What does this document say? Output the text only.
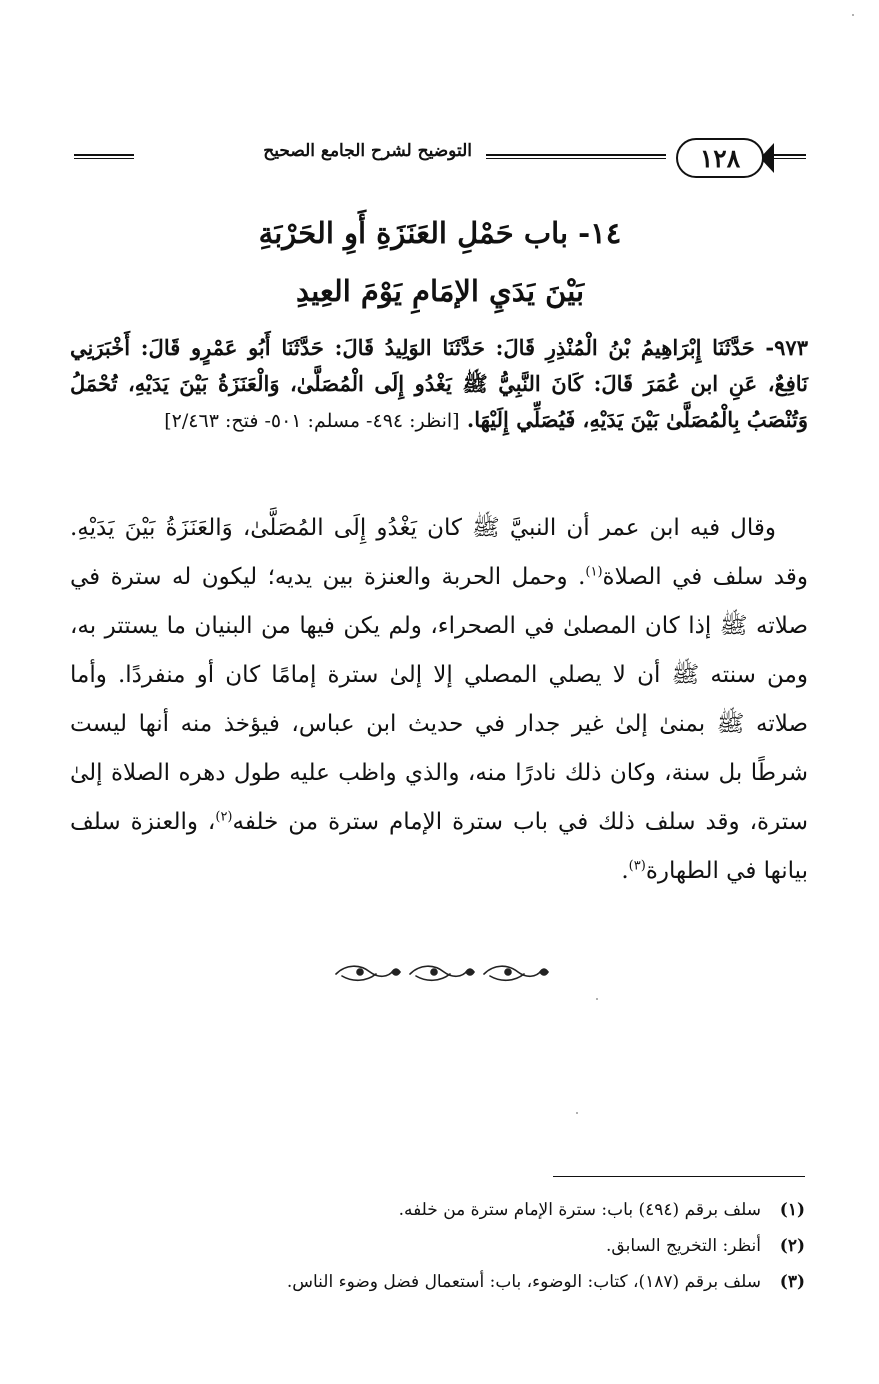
١٢٨
التوضيح لشرح الجامع الصحيح
١٤- باب حَمْلِ العَنَزَةِ أَوِ الحَرْبَةِ
بَيْنَ يَدَيِ الإمَامِ يَوْمَ العِيدِ

٩٧٣- حَدَّثَنَا إِبْرَاهِيمُ بْنُ الْمُنْذِرِ قَالَ: حَدَّثَنَا الوَلِيدُ قَالَ: حَدَّثَنَا أَبُو عَمْرٍو قَالَ: أَخْبَرَنِي نَافِعٌ، عَنِ ابن عُمَرَ قَالَ: كَانَ النَّبِيُّ ﷺ يَغْدُو إِلَى الْمُصَلَّىٰ، وَالْعَنَزَةُ بَيْنَ يَدَيْهِ، تُحْمَلُ وَتُنْصَبُ بِالْمُصَلَّىٰ بَيْنَ يَدَيْهِ، فَيُصَلِّي إِلَيْهَا. [انظر: ٤٩٤- مسلم: ٥٠١- فتح: ٢/٤٦٣]

وقال فيه ابن عمر أن النبيَّ ﷺ كان يَغْدُو إِلَى المُصَلَّىٰ، وَالعَنَزَةُ بَيْنَ يَدَيْهِ. وقد سلف في الصلاة$^{(١)}$. وحمل الحربة والعنزة بين يديه؛ ليكون له سترة في صلاته ﷺ إذا كان المصلىٰ في الصحراء، ولم يكن فيها من البنيان ما يستتر به، ومن سنته ﷺ أن لا يصلي المصلي إلا إلىٰ سترة إمامًا كان أو منفردًا. وأما صلاته ﷺ بمنىٰ إلىٰ غير جدار في حديث ابن عباس، فيؤخذ منه أنها ليست شرطًا بل سنة، وكان ذلك نادرًا منه، والذي واظب عليه طول دهره الصلاة إلىٰ سترة، وقد سلف ذلك في باب سترة الإمام سترة من خلفه$^{(٢)}$، والعنزة سلف بيانها في الطهارة$^{(٣)}$.

(١)
سلف برقم (٤٩٤) باب: سترة الإمام سترة من خلفه.
(٢)
أنظر: التخريج السابق.
(٣)
سلف برقم (١٨٧)، كتاب: الوضوء، باب: أستعمال فضل وضوء الناس.
